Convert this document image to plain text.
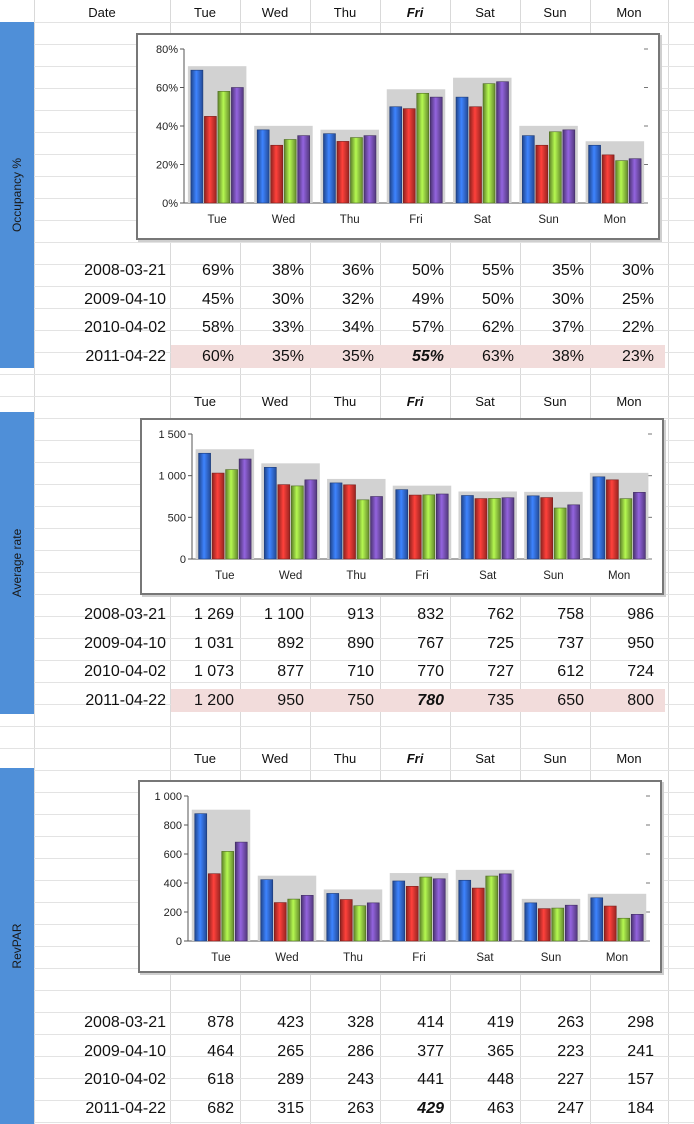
Date	Tue	Wed	Thu	Fri	Sat	Sun	Mon
Tue	Wed	Thu	Fri	Sat	Sun	Mon
Tue	Wed	Thu	Fri	Sat	Sun	Mon
Occupancy %
Average rate
RevPAR
0%
20%
40%
60%
80%
Tue	Wed	Thu	Fri	Sat	Sun	Mon
0
500
1 000
1 500
Tue	Wed	Thu	Fri	Sat	Sun	Mon
0
200
400
600
800
1 000
Tue	Wed	Thu	Fri	Sat	Sun	Mon
2008-03-21	69%	38%	36%	50%	55%	35%	30%
2009-04-10	45%	30%	32%	49%	50%	30%	25%
2010-04-02	58%	33%	34%	57%	62%	37%	22%
2011-04-22	60%	35%	35%	55%	63%	38%	23%
2008-03-21	1 269	1 100	913	832	762	758	986
2009-04-10	1 031	892	890	767	725	737	950
2010-04-02	1 073	877	710	770	727	612	724
2011-04-22	1 200	950	750	780	735	650	800
2008-03-21	878	423	328	414	419	263	298
2009-04-10	464	265	286	377	365	223	241
2010-04-02	618	289	243	441	448	227	157
2011-04-22	682	315	263	429	463	247	184
